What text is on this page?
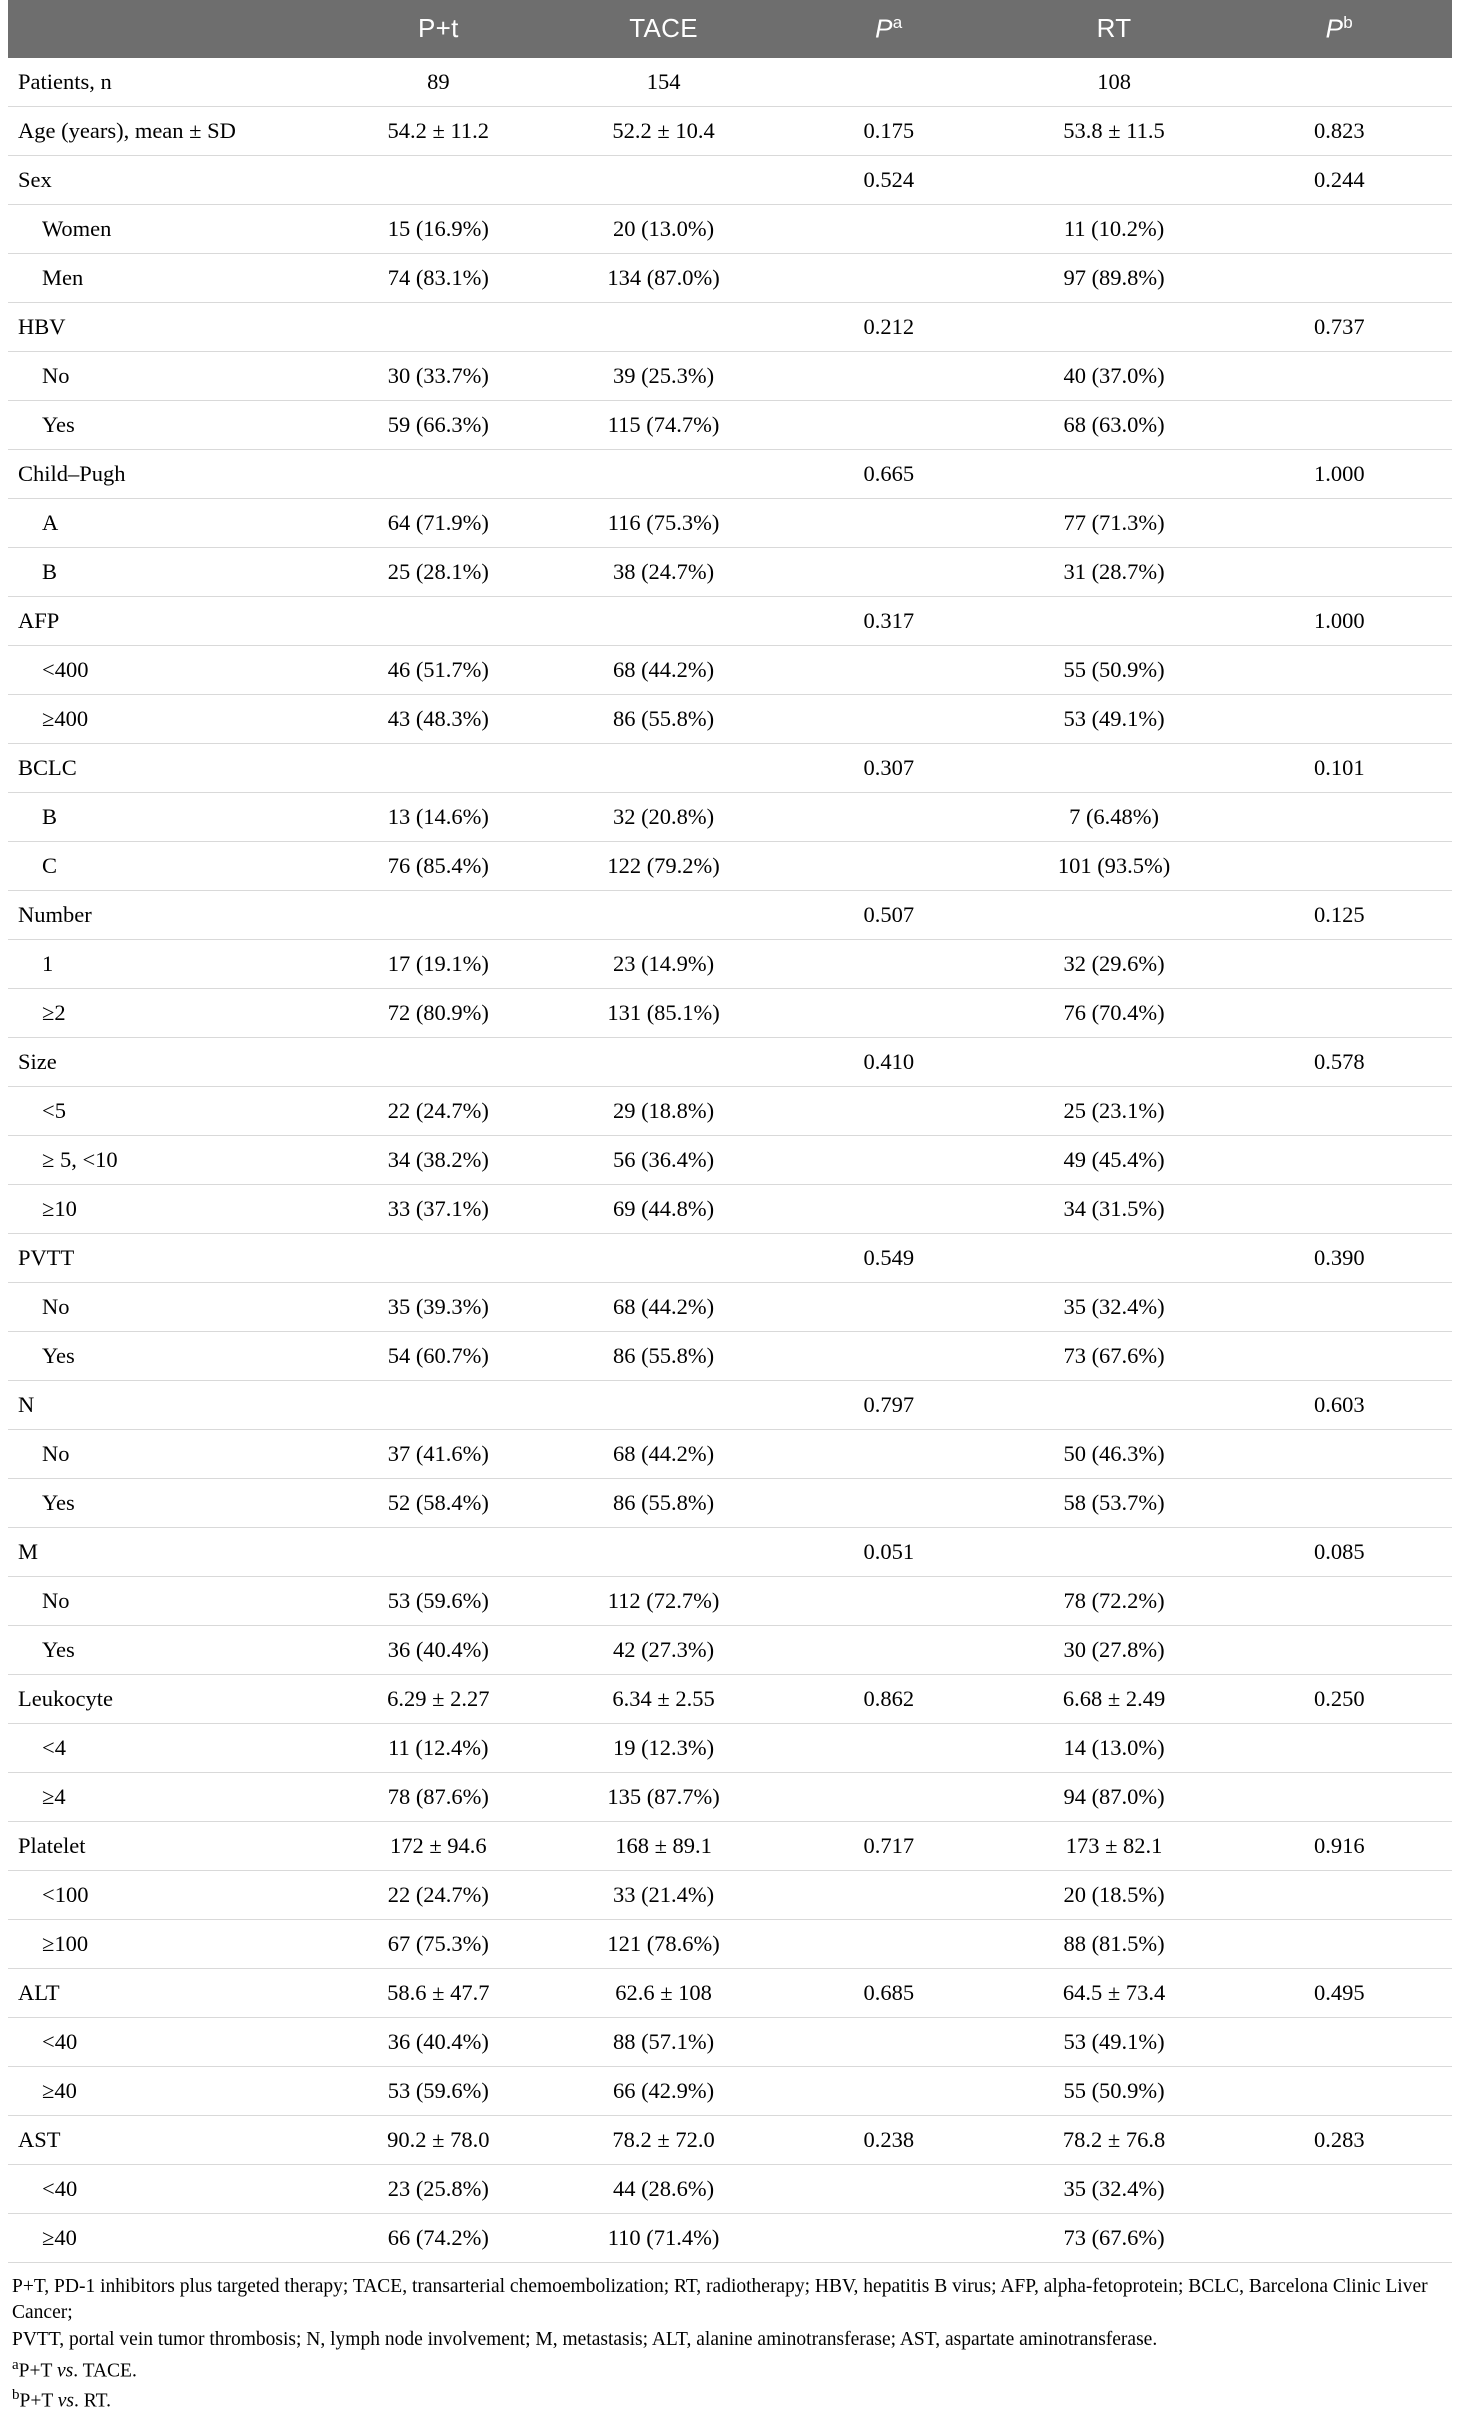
	P+t	TACE	$P^a$	RT	$P^b$
Patients, n	89	154		108	
Age (years), mean ± SD	54.2 ± 11.2	52.2 ± 10.4	0.175	53.8 ± 11.5	0.823
Sex			0.524		0.244
Women	15 (16.9%)	20 (13.0%)		11 (10.2%)	
Men	74 (83.1%)	134 (87.0%)		97 (89.8%)	
HBV			0.212		0.737
No	30 (33.7%)	39 (25.3%)		40 (37.0%)	
Yes	59 (66.3%)	115 (74.7%)		68 (63.0%)	
Child–Pugh			0.665		1.000
A	64 (71.9%)	116 (75.3%)		77 (71.3%)	
B	25 (28.1%)	38 (24.7%)		31 (28.7%)	
AFP			0.317		1.000
<400	46 (51.7%)	68 (44.2%)		55 (50.9%)	
≥400	43 (48.3%)	86 (55.8%)		53 (49.1%)	
BCLC			0.307		0.101
B	13 (14.6%)	32 (20.8%)		7 (6.48%)	
C	76 (85.4%)	122 (79.2%)		101 (93.5%)	
Number			0.507		0.125
1	17 (19.1%)	23 (14.9%)		32 (29.6%)	
≥2	72 (80.9%)	131 (85.1%)		76 (70.4%)	
Size			0.410		0.578
<5	22 (24.7%)	29 (18.8%)		25 (23.1%)	
≥ 5, <10	34 (38.2%)	56 (36.4%)		49 (45.4%)	
≥10	33 (37.1%)	69 (44.8%)		34 (31.5%)	
PVTT			0.549		0.390
No	35 (39.3%)	68 (44.2%)		35 (32.4%)	
Yes	54 (60.7%)	86 (55.8%)		73 (67.6%)	
N			0.797		0.603
No	37 (41.6%)	68 (44.2%)		50 (46.3%)	
Yes	52 (58.4%)	86 (55.8%)		58 (53.7%)	
M			0.051		0.085
No	53 (59.6%)	112 (72.7%)		78 (72.2%)	
Yes	36 (40.4%)	42 (27.3%)		30 (27.8%)	
Leukocyte	6.29 ± 2.27	6.34 ± 2.55	0.862	6.68 ± 2.49	0.250
<4	11 (12.4%)	19 (12.3%)		14 (13.0%)	
≥4	78 (87.6%)	135 (87.7%)		94 (87.0%)	
Platelet	172 ± 94.6	168 ± 89.1	0.717	173 ± 82.1	0.916
<100	22 (24.7%)	33 (21.4%)		20 (18.5%)	
≥100	67 (75.3%)	121 (78.6%)		88 (81.5%)	
ALT	58.6 ± 47.7	62.6 ± 108	0.685	64.5 ± 73.4	0.495
<40	36 (40.4%)	88 (57.1%)		53 (49.1%)	
≥40	53 (59.6%)	66 (42.9%)		55 (50.9%)	
AST	90.2 ± 78.0	78.2 ± 72.0	0.238	78.2 ± 76.8	0.283
<40	23 (25.8%)	44 (28.6%)		35 (32.4%)	
≥40	66 (74.2%)	110 (71.4%)		73 (67.6%)	

P+T, PD-1 inhibitors plus targeted therapy; TACE, transarterial chemoembolization; RT, radiotherapy; HBV, hepatitis B virus; AFP, alpha-fetoprotein; BCLC, Barcelona Clinic Liver Cancer;

PVTT, portal vein tumor thrombosis; N, lymph node involvement; M, metastasis; ALT, alanine aminotransferase; AST, aspartate aminotransferase.

$^a$P+T vs. TACE.

$^b$P+T vs. RT.
